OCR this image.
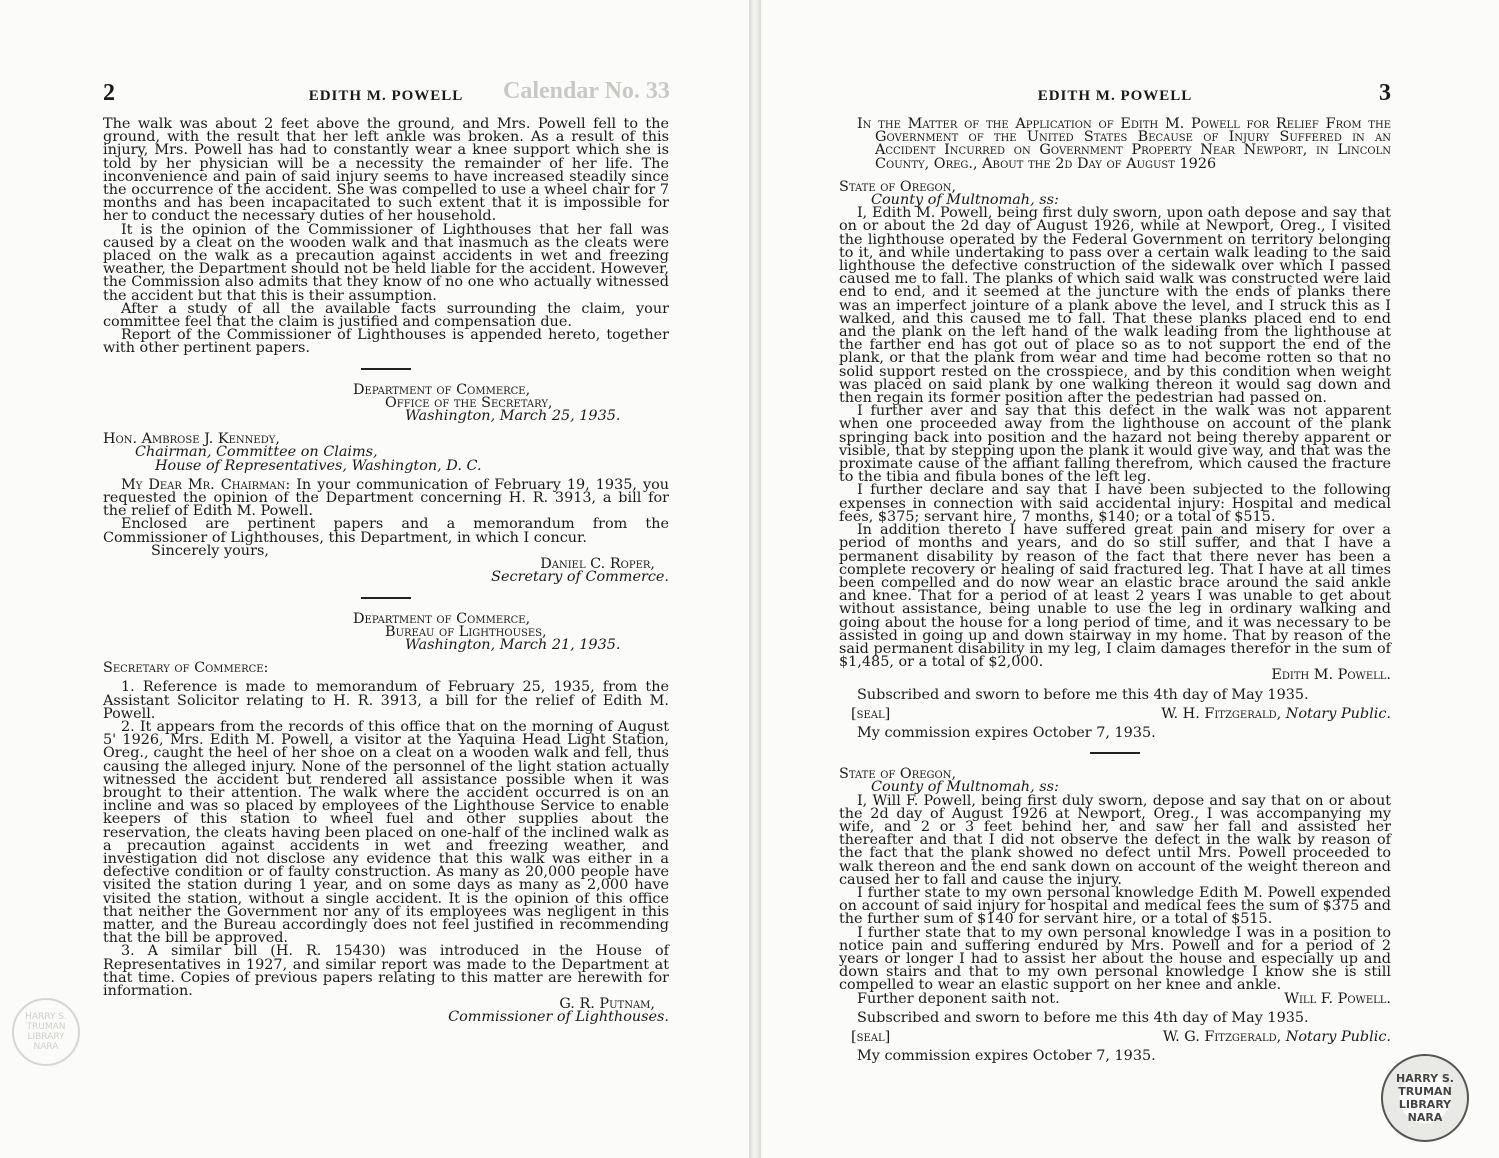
2	EDITH M. POWELL	Calendar No. 33

The walk was about 2 feet above the ground, and Mrs. Powell fell to the ground, with the result that her left ankle was broken. As a result of this injury, Mrs. Powell has had to constantly wear a knee support which she is told by her physician will be a necessity the remainder of her life. The inconvenience and pain of said injury seems to have increased steadily since the occurrence of the accident. She was compelled to use a wheel chair for 7 months and has been incapacitated to such extent that it is impossible for her to conduct the necessary duties of her household.

It is the opinion of the Commissioner of Lighthouses that her fall was caused by a cleat on the wooden walk and that inasmuch as the cleats were placed on the walk as a precaution against accidents in wet and freezing weather, the Department should not be held liable for the accident. However, the Commission also admits that they know of no one who actually witnessed the accident but that this is their assumption.

After a study of all the available facts surrounding the claim, your committee feel that the claim is justified and compensation due.

Report of the Commissioner of Lighthouses is appended hereto, together with other pertinent papers.

Department of Commerce,
Office of the Secretary,
Washington, March 25, 1935.
Hon. Ambrose J. Kennedy,
Chairman, Committee on Claims,
House of Representatives, Washington, D. C.

My Dear Mr. Chairman: In your communication of February 19, 1935, you requested the opinion of the Department concerning H. R. 3913, a bill for the relief of Edith M. Powell.

Enclosed are pertinent papers and a memorandum from the Commissioner of Lighthouses, this Department, in which I concur.

Sincerely yours,
Daniel C. Roper,
Secretary of Commerce.
Department of Commerce,
Bureau of Lighthouses,
Washington, March 21, 1935.
Secretary of Commerce:

1. Reference is made to memorandum of February 25, 1935, from the Assistant Solicitor relating to H. R. 3913, a bill for the relief of Edith M. Powell.

2. It appears from the records of this office that on the morning of August 5' 1926, Mrs. Edith M. Powell, a visitor at the Yaquina Head Light Station, Oreg., caught the heel of her shoe on a cleat on a wooden walk and fell, thus causing the alleged injury. None of the personnel of the light station actually witnessed the accident but rendered all assistance possible when it was brought to their attention. The walk where the accident occurred is on an incline and was so placed by employees of the Lighthouse Service to enable keepers of this station to wheel fuel and other supplies about the reservation, the cleats having been placed on one-half of the inclined walk as a precaution against accidents in wet and freezing weather, and investigation did not disclose any evidence that this walk was either in a defective condition or of faulty construction. As many as 20,000 people have visited the station during 1 year, and on some days as many as 2,000 have visited the station, without a single accident. It is the opinion of this office that neither the Government nor any of its employees was negligent in this matter, and the Bureau accordingly does not feel justified in recommending that the bill be approved.

3. A similar bill (H. R. 15430) was introduced in the House of Representatives in 1927, and similar report was made to the Department at that time. Copies of previous papers relating to this matter are herewith for information.

G. R. Putnam,
Commissioner of Lighthouses.
HARRY S. TRUMAN LIBRARY NARA
EDITH M. POWELL	3
In the Matter of the Application of Edith M. Powell for Relief From the Government of the United States Because of Injury Suffered in an Accident Incurred on Government Property Near Newport, in Lincoln County, Oreg., About the 2d Day of August 1926
State of Oregon,
County of Multnomah, ss:

I, Edith M. Powell, being first duly sworn, upon oath depose and say that on or about the 2d day of August 1926, while at Newport, Oreg., I visited the lighthouse operated by the Federal Government on territory belonging to it, and while undertaking to pass over a certain walk leading to the said lighthouse the defective construction of the sidewalk over which I passed caused me to fall. The planks of which said walk was constructed were laid end to end, and it seemed at the juncture with the ends of planks there was an imperfect jointure of a plank above the level, and I struck this as I walked, and this caused me to fall. That these planks placed end to end and the plank on the left hand of the walk leading from the lighthouse at the farther end has got out of place so as to not support the end of the plank, or that the plank from wear and time had become rotten so that no solid support rested on the crosspiece, and by this condition when weight was placed on said plank by one walking thereon it would sag down and then regain its former position after the pedestrian had passed on.

I further aver and say that this defect in the walk was not apparent when one proceeded away from the lighthouse on account of the plank springing back into position and the hazard not being thereby apparent or visible, that by stepping upon the plank it would give way, and that was the proximate cause of the affiant falling therefrom, which caused the fracture to the tibia and fibula bones of the left leg.

I further declare and say that I have been subjected to the following expenses in connection with said accidental injury: Hospital and medical fees, $375; servant hire, 7 months, $140; or a total of $515.

In addition thereto I have suffered great pain and misery for over a period of months and years, and do so still suffer, and that I have a permanent disability by reason of the fact that there never has been a complete recovery or healing of said fractured leg. That I have at all times been compelled and do now wear an elastic brace around the said ankle and knee. That for a period of at least 2 years I was unable to get about without assistance, being unable to use the leg in ordinary walking and going about the house for a long period of time, and it was necessary to be assisted in going up and down stairway in my home. That by reason of the said permanent disability in my leg, I claim damages therefor in the sum of $1,485, or a total of $2,000.

Edith M. Powell.
Subscribed and sworn to before me this 4th day of May 1935.
[seal]	W. H. Fitzgerald, Notary Public.
My commission expires October 7, 1935.
State of Oregon,
County of Multnomah, ss:

I, Will F. Powell, being first duly sworn, depose and say that on or about the 2d day of August 1926 at Newport, Oreg., I was accompanying my wife, and 2 or 3 feet behind her, and saw her fall and assisted her thereafter and that I did not observe the defect in the walk by reason of the fact that the plank showed no defect until Mrs. Powell proceeded to walk thereon and the end sank down on account of the weight thereon and caused her to fall and cause the injury.

I further state to my own personal knowledge Edith M. Powell expended on account of said injury for hospital and medical fees the sum of $375 and the further sum of $140 for servant hire, or a total of $515.

I further state that to my own personal knowledge I was in a position to notice pain and suffering endured by Mrs. Powell and for a period of 2 years or longer I had to assist her about the house and especially up and down stairs and that to my own personal knowledge I know she is still compelled to wear an elastic support on her knee and ankle.

Further deponent saith not.	Will F. Powell.
Subscribed and sworn to before me this 4th day of May 1935.
[seal]	W. G. Fitzgerald, Notary Public.
My commission expires October 7, 1935.
HARRY S. TRUMAN LIBRARY NARA
